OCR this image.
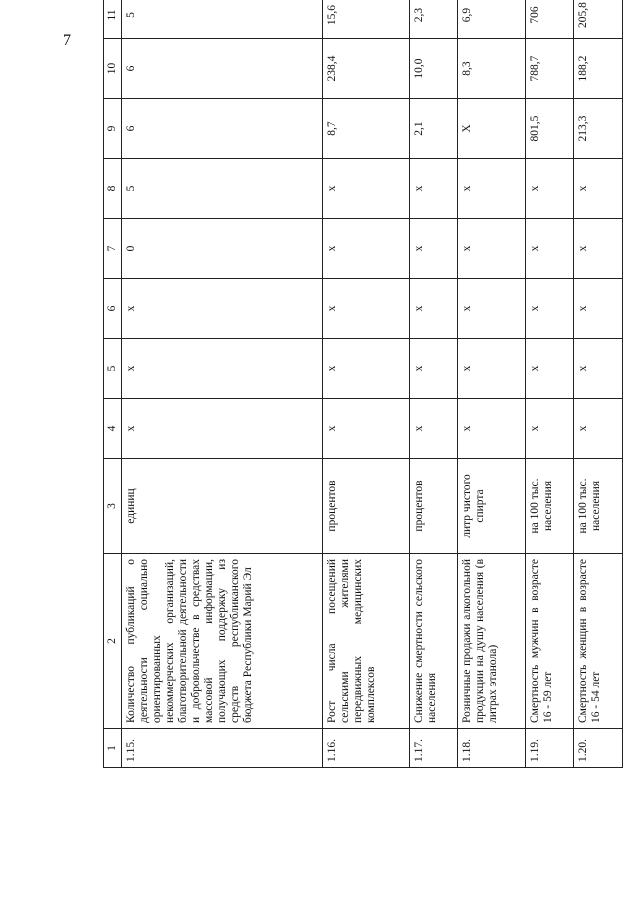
7
1	2	3	4	5	6	7	8	9	10	11
1.15.	Количество публикаций о деятельности социально ориентированных некоммерческих организаций, благотворительной деятельности и добровольчестве в средствах массовой информации, получающих поддержку из средств республиканского бюджета Республики Марий Эл	единиц	х	х	х	0	5	6	6	5
1.16.	Рост числа посещений сельскими жителями передвижных медицинских комплексов	процентов	х	х	х	х	х	8,7	238,4	15,6
1.17.	Снижение смертности сельского населения	процентов	х	х	х	х	х	2,1	10,0	2,3
1.18.	Розничные продажи алкогольной продукции на душу населения (в литрах этанола)	литр чистого спирта	х	х	х	х	х	Х	8,3	6,9
1.19.	Смертность мужчин в возрасте 16 - 59 лет	на 100 тыс. населения	х	х	х	х	х	801,5	788,7	706
1.20.	Смертность женщин в возрасте 16 - 54 лет	на 100 тыс. населения	х	х	х	х	х	213,3	188,2	205,8
